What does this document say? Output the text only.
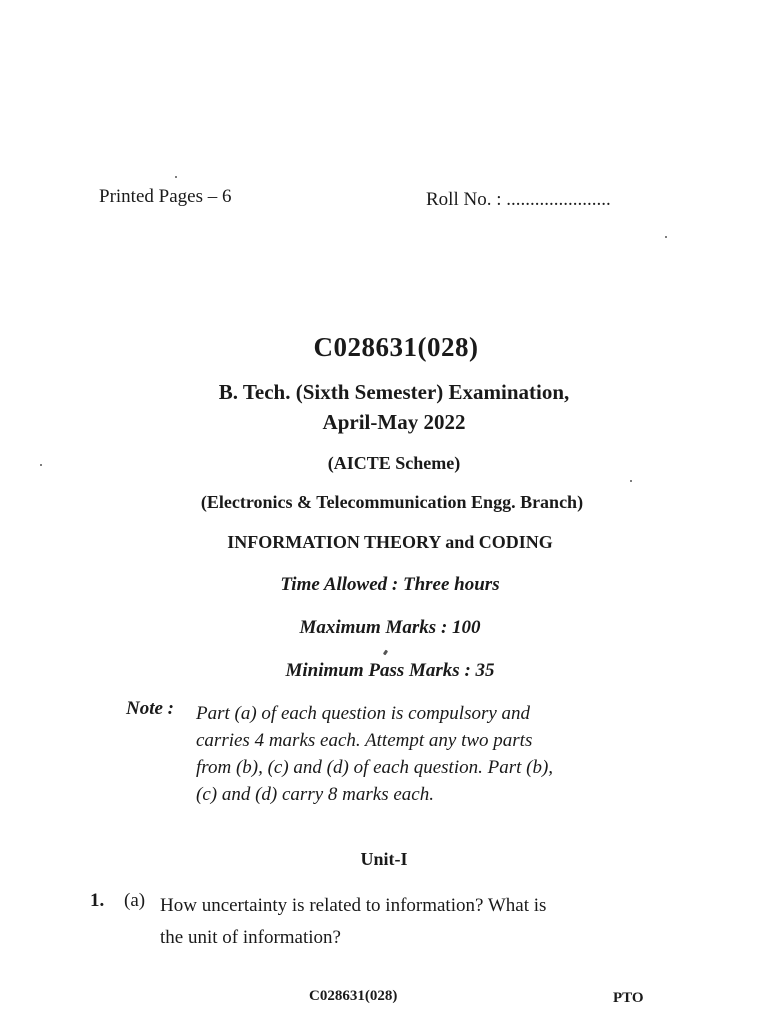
Printed Pages – 6	Roll No. : ......................
C028631(028)
B. Tech. (Sixth Semester) Examination,
April-May 2022
(AICTE Scheme)
(Electronics & Telecommunication Engg. Branch)
INFORMATION THEORY and CODING
Time Allowed : Three hours
Maximum Marks : 100
Minimum Pass Marks : 35
Note : Part (a) of each question is compulsory and
carries 4 marks each. Attempt any two parts
from (b), (c) and (d) of each question. Part (b),
(c) and (d) carry 8 marks each.
Unit-I
1. (a) How uncertainty is related to information? What is
the unit of information?
C028631(028)	PTO
